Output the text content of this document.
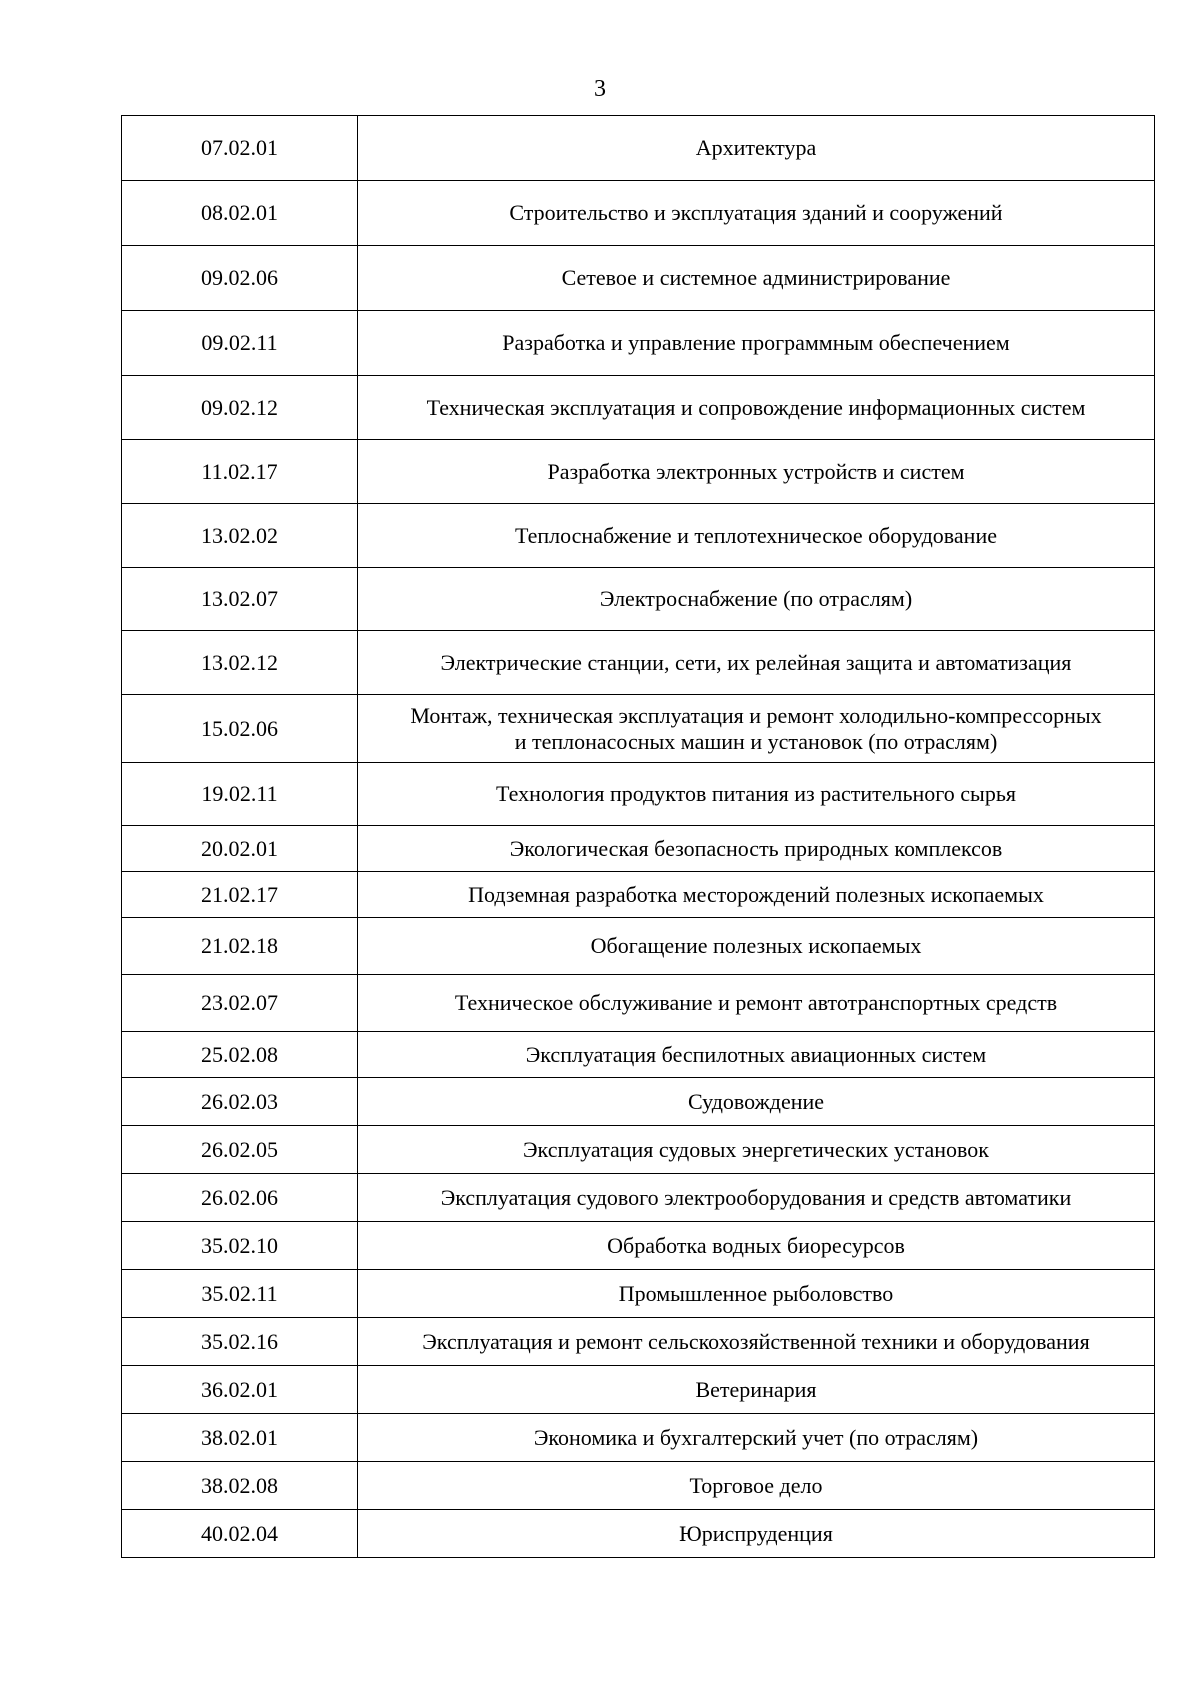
3
07.02.01	Архитектура
08.02.01	Строительство и эксплуатация зданий и сооружений
09.02.06	Сетевое и системное администрирование
09.02.11	Разработка и управление программным обеспечением
09.02.12	Техническая эксплуатация и сопровождение информационных систем
11.02.17	Разработка электронных устройств и систем
13.02.02	Теплоснабжение и теплотехническое оборудование
13.02.07	Электроснабжение (по отраслям)
13.02.12	Электрические станции, сети, их релейная защита и автоматизация
15.02.06	Монтаж, техническая эксплуатация и ремонт холодильно-компрессорных
и теплонасосных машин и установок (по отраслям)
19.02.11	Технология продуктов питания из растительного сырья
20.02.01	Экологическая безопасность природных комплексов
21.02.17	Подземная разработка месторождений полезных ископаемых
21.02.18	Обогащение полезных ископаемых
23.02.07	Техническое обслуживание и ремонт автотранспортных средств
25.02.08	Эксплуатация беспилотных авиационных систем
26.02.03	Судовождение
26.02.05	Эксплуатация судовых энергетических установок
26.02.06	Эксплуатация судового электрооборудования и средств автоматики
35.02.10	Обработка водных биоресурсов
35.02.11	Промышленное рыболовство
35.02.16	Эксплуатация и ремонт сельскохозяйственной техники и оборудования
36.02.01	Ветеринария
38.02.01	Экономика и бухгалтерский учет (по отраслям)
38.02.08	Торговое дело
40.02.04	Юриспруденция
